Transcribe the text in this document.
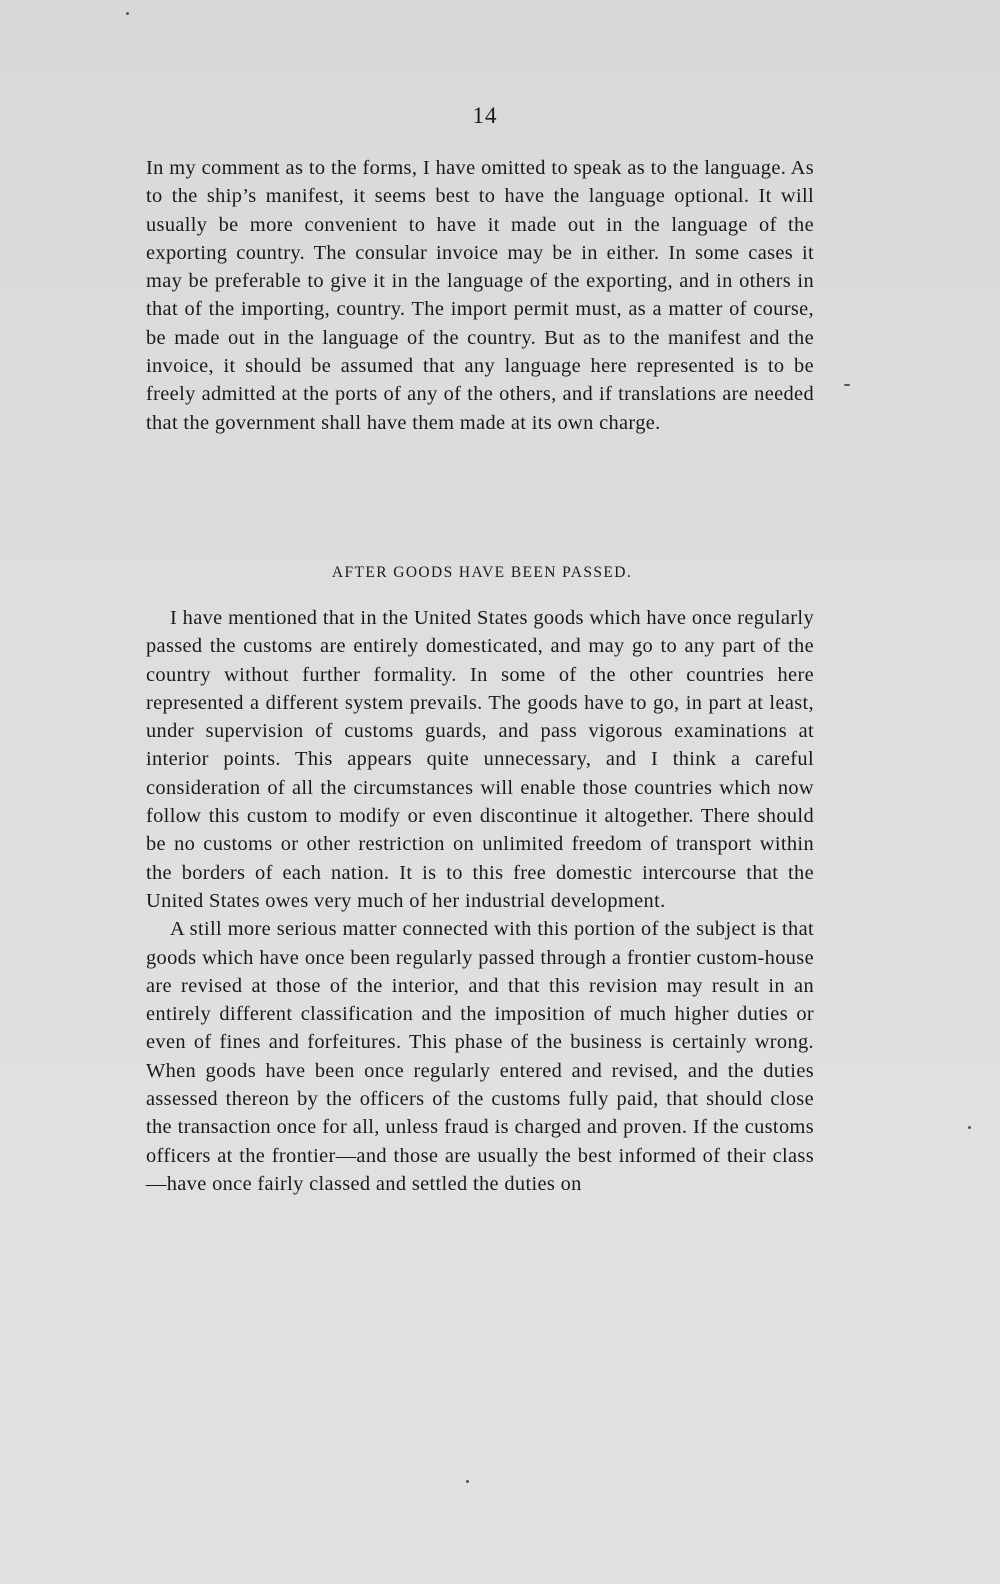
14

In my comment as to the forms, I have omitted to speak as to the language. As to the ship’s manifest, it seems best to have the language optional. It will usually be more convenient to have it made out in the language of the exporting country. The consular invoice may be in either. In some cases it may be preferable to give it in the language of the exporting, and in others in that of the importing, country. The import permit must, as a matter of course, be made out in the language of the country. But as to the manifest and the invoice, it should be assumed that any language here represented is to be freely admitted at the ports of any of the others, and if translations are needed that the government shall have them made at its own charge.

AFTER GOODS HAVE BEEN PASSED.

I have mentioned that in the United States goods which have once regularly passed the customs are entirely domesticated, and may go to any part of the country without further formality. In some of the other countries here represented a different system prevails. The goods have to go, in part at least, under supervision of customs guards, and pass vigorous examinations at interior points. This appears quite unnecessary, and I think a careful consideration of all the circumstances will enable those countries which now follow this custom to modify or even discontinue it altogether. There should be no customs or other restriction on unlimited freedom of transport within the borders of each nation. It is to this free domestic intercourse that the United States owes very much of her industrial development.

A still more serious matter connected with this portion of the subject is that goods which have once been regularly passed through a frontier custom-house are revised at those of the interior, and that this revision may result in an entirely different classification and the imposition of much higher duties or even of fines and forfeitures. This phase of the business is certainly wrong. When goods have been once regularly entered and revised, and the duties assessed thereon by the officers of the customs fully paid, that should close the transaction once for all, unless fraud is charged and proven. If the customs officers at the frontier—and those are usually the best informed of their class—have once fairly classed and settled the duties on
